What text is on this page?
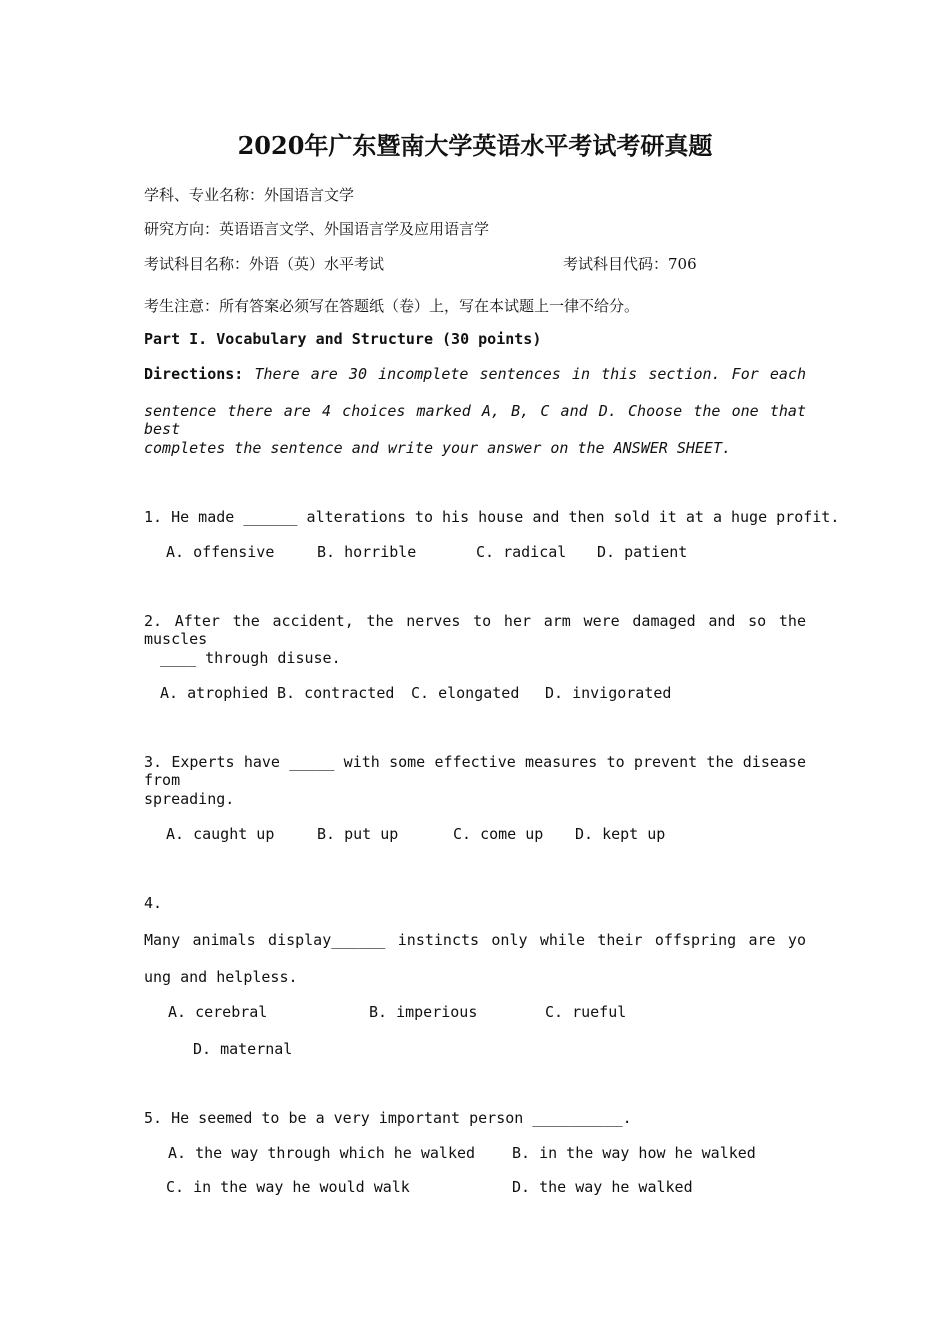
2020年广东暨南大学英语水平考试考研真题
学科、专业名称：外国语言文学
研究方向：英语语言文学、外国语言学及应用语言学
考试科目名称：外语（英）水平考试	考试科目代码：706
考生注意：所有答案必须写在答题纸（卷）上，写在本试题上一律不给分。
Part I. Vocabulary and Structure (30 points)
Directions: There are 30 incomplete sentences in this section. For each
sentence there are 4 choices marked A, B, C and D. Choose the one that best
completes the sentence and write your answer on the ANSWER SHEET.
1. He made ______ alterations to his house and then sold it at a huge profit.
A. offensive	B. horrible	C. radical D. patient
2. After the accident, the nerves to her arm were damaged and so the muscles
____ through disuse.
A. atrophied B. contracted C. elongated D. invigorated
3. Experts have _____ with some effective measures to prevent the disease from
spreading.
A. caught up	B. put up	C. come up D. kept up
4.
Many animals display______ instincts only while their offspring are yo
ung and helpless.
A. cerebral	B. imperious	C. rueful
D. maternal
5. He seemed to be a very important person __________.
A. the way through which he walked B. in the way how he walked
C. in the way he would walk	D. the way he walked
